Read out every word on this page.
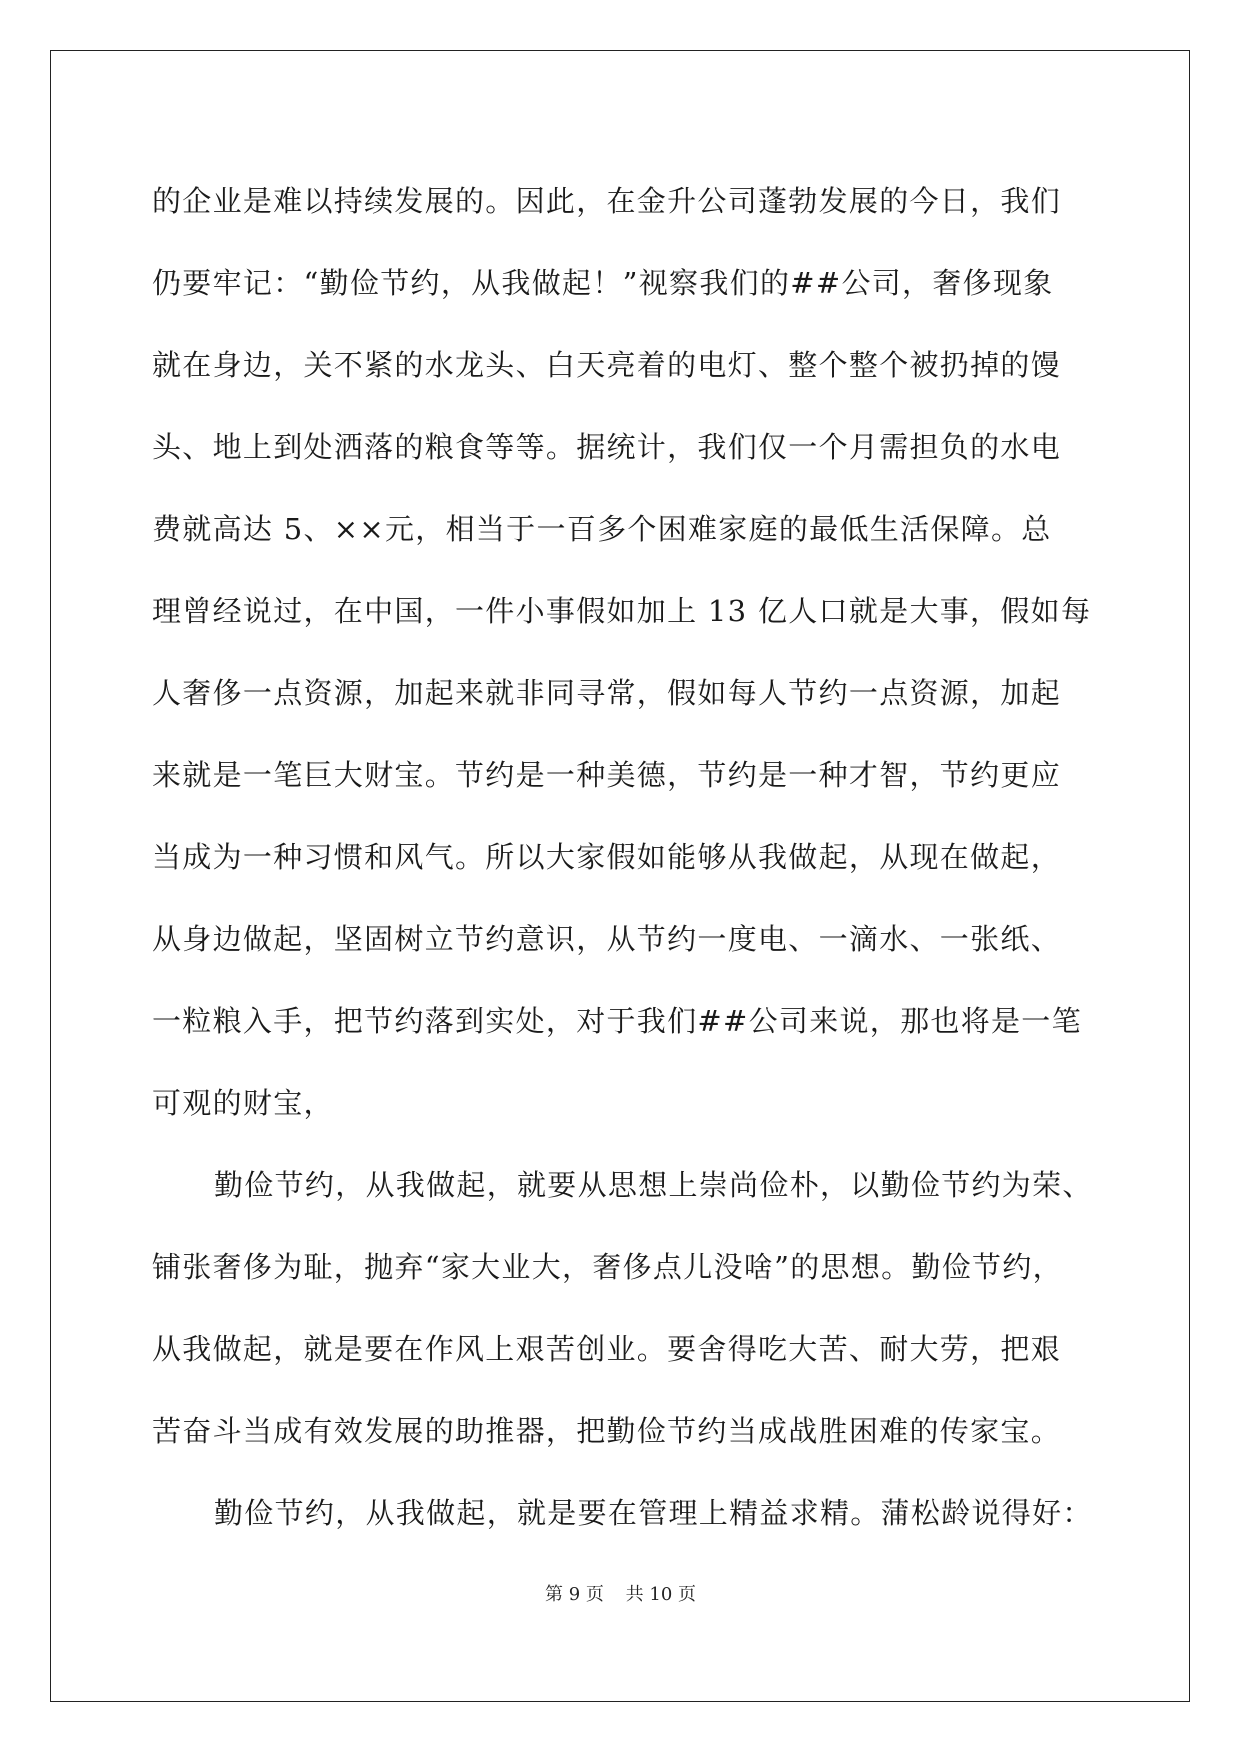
的企业是难以持续发展的。因此，在金升公司蓬勃发展的今日，我们
仍要牢记：“勤俭节约，从我做起！”视察我们的##公司，奢侈现象
就在身边，关不紧的水龙头、白天亮着的电灯、整个整个被扔掉的馒
头、地上到处洒落的粮食等等。据统计，我们仅一个月需担负的水电
费就高达 5、××元，相当于一百多个困难家庭的最低生活保障。总
理曾经说过，在中国，一件小事假如加上 13 亿人口就是大事，假如每
人奢侈一点资源，加起来就非同寻常，假如每人节约一点资源，加起
来就是一笔巨大财宝。节约是一种美德，节约是一种才智，节约更应
当成为一种习惯和风气。所以大家假如能够从我做起，从现在做起，
从身边做起，坚固树立节约意识，从节约一度电、一滴水、一张纸、
一粒粮入手，把节约落到实处，对于我们##公司来说，那也将是一笔
可观的财宝，
勤俭节约，从我做起，就要从思想上崇尚俭朴，以勤俭节约为荣、
铺张奢侈为耻，抛弃“家大业大，奢侈点儿没啥”的思想。勤俭节约，
从我做起，就是要在作风上艰苦创业。要舍得吃大苦、耐大劳，把艰
苦奋斗当成有效发展的助推器，把勤俭节约当成战胜困难的传家宝。
勤俭节约，从我做起，就是要在管理上精益求精。蒲松龄说得好：
第 9 页 共 10 页
